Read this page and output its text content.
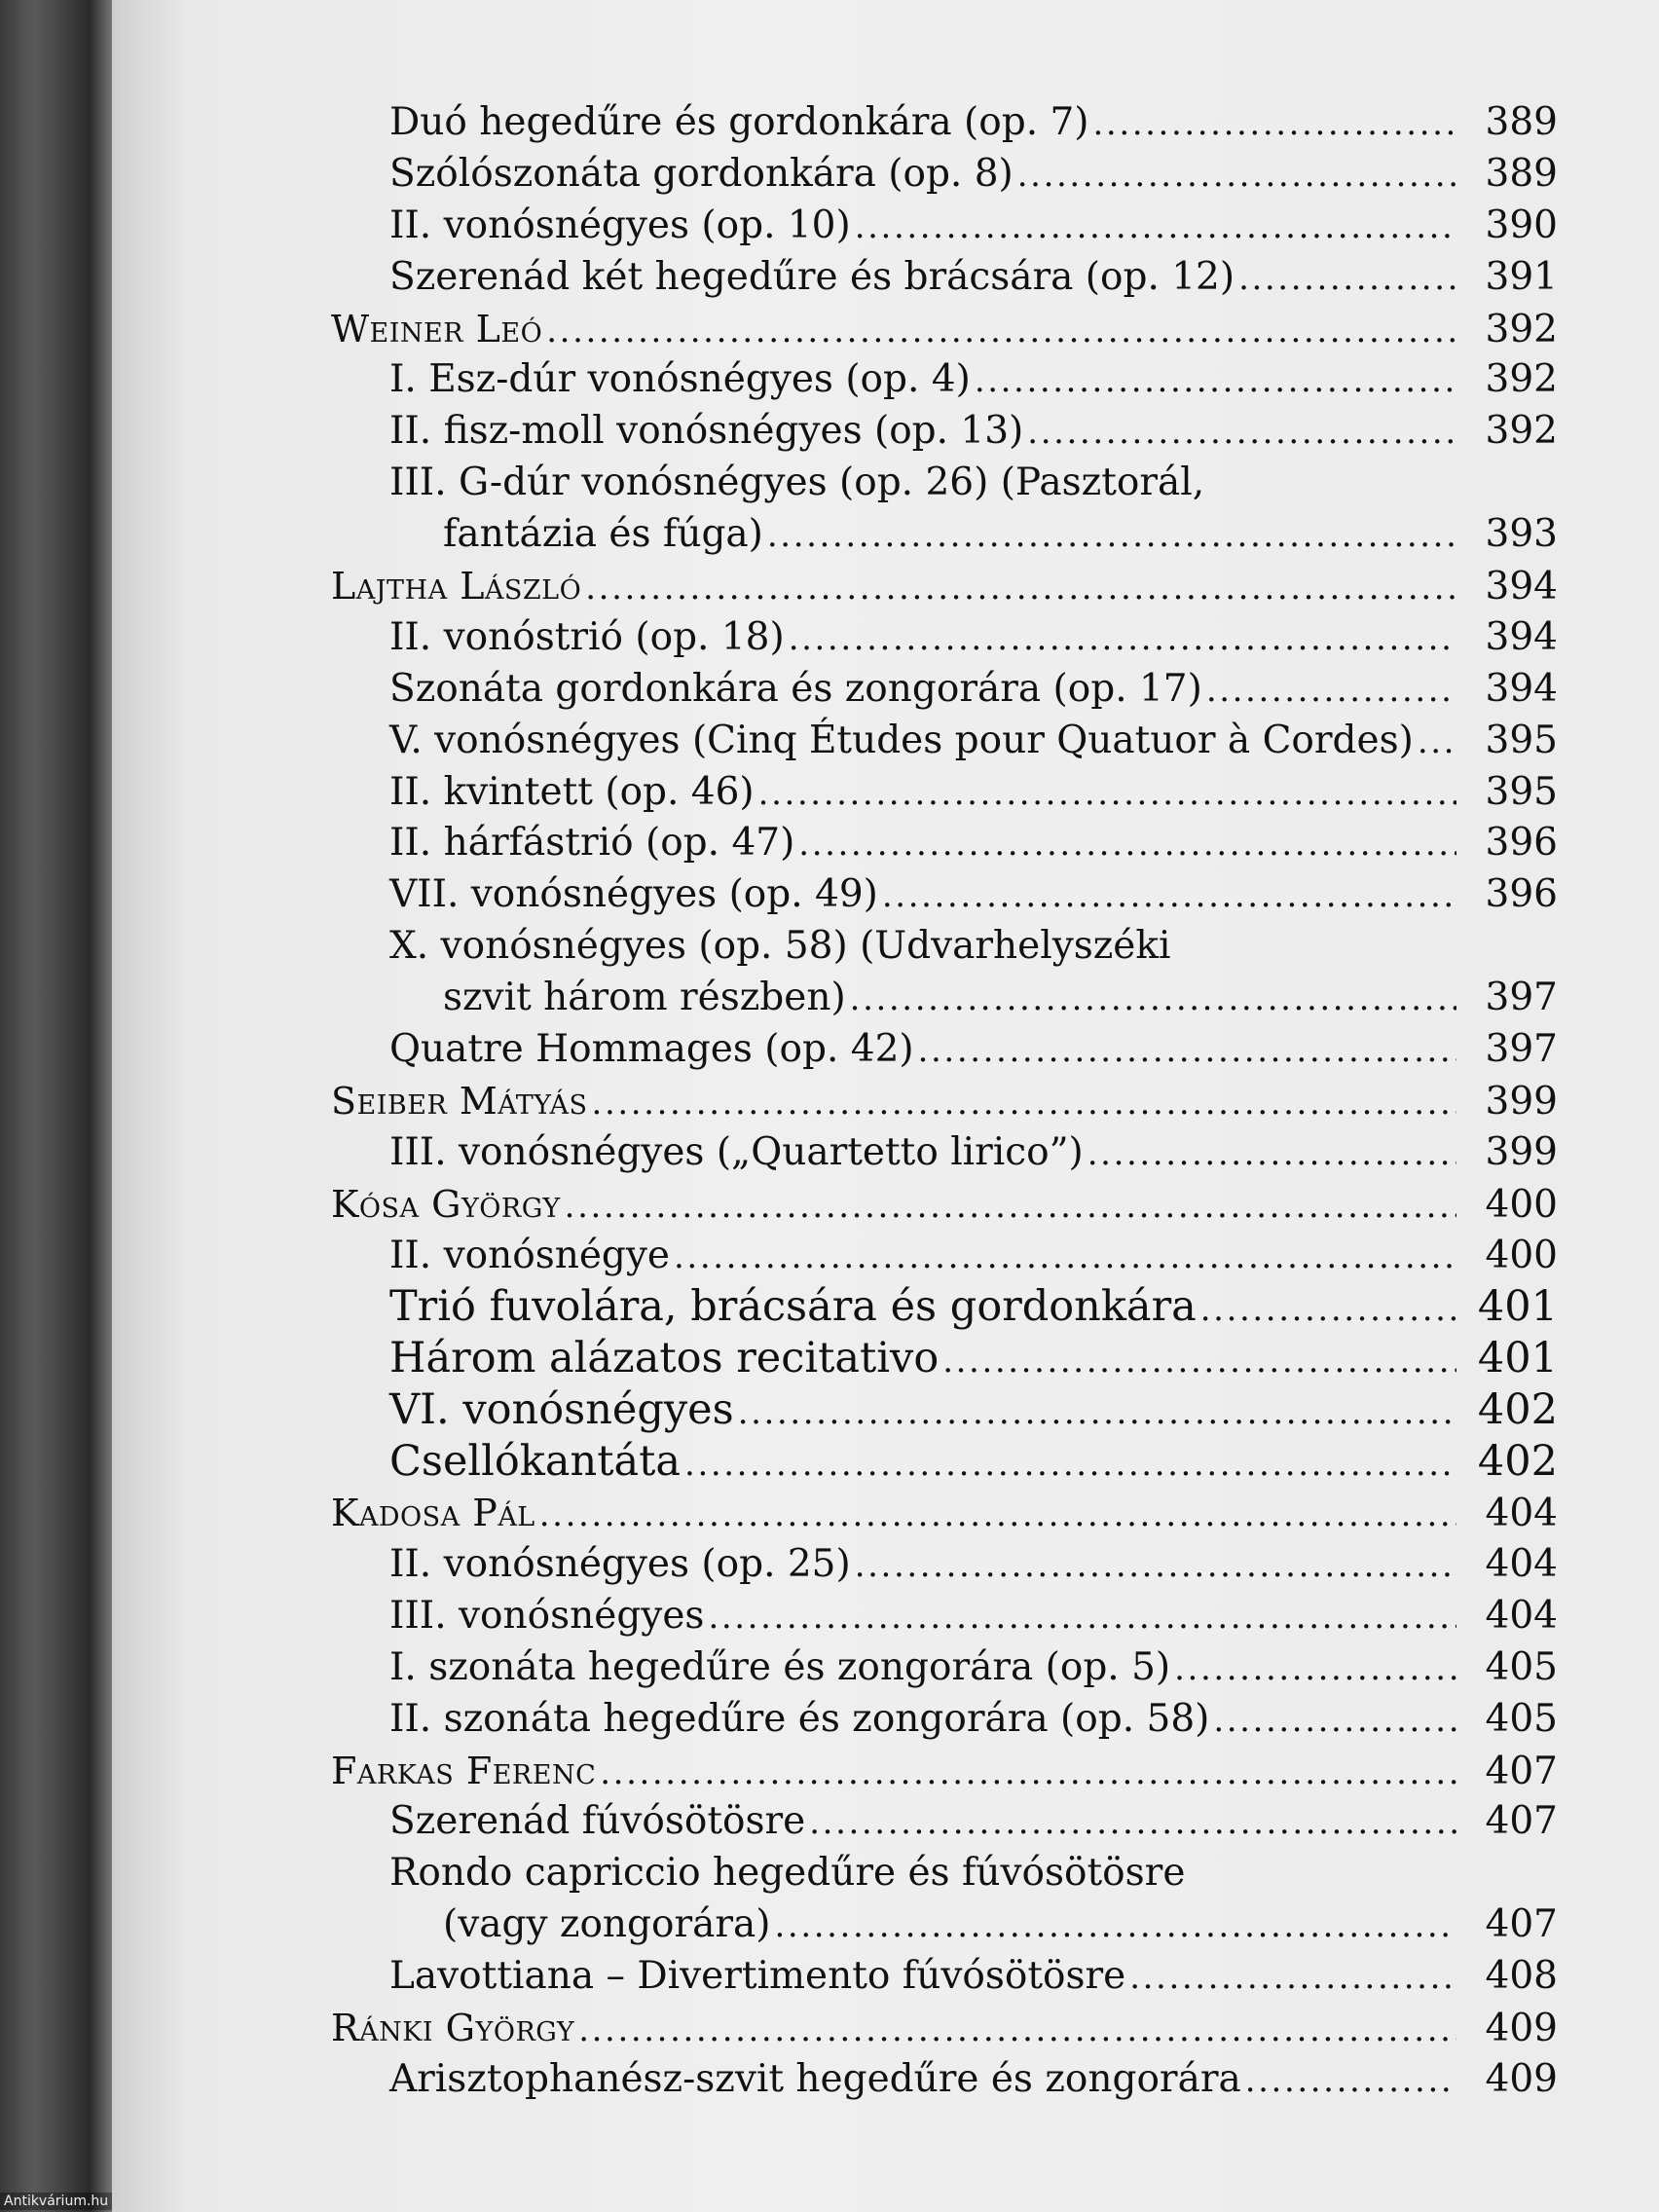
Duó hegedűre és gordonkára (op. 7) .....	389
Szólószonáta gordonkára (op. 8) .....	389
II. vonósnégyes (op. 10) .....	390
Szerenád két hegedűre és brácsára (op. 12) .....	391
Weiner Leó .....	392
I. Esz-dúr vonósnégyes (op. 4) .....	392
II. fisz-moll vonósnégyes (op. 13) .....	392
III. G-dúr vonósnégyes (op. 26) (Pasztorál,
fantázia és fúga) .....	393
Lajtha László .....	394
II. vonóstrió (op. 18) .....	394
Szonáta gordonkára és zongorára (op. 17) .....	394
V. vonósnégyes (Cinq Études pour Quatuor à Cordes) .....	395
II. kvintett (op. 46) .....	395
II. hárfástrió (op. 47) .....	396
VII. vonósnégyes (op. 49) .....	396
X. vonósnégyes (op. 58) (Udvarhelyszéki
szvit három részben) .....	397
Quatre Hommages (op. 42) .....	397
Seiber Mátyás .....	399
III. vonósnégyes („Quartetto lirico”) .....	399
Kósa György .....	400
II. vonósnégye .....	400
Trió fuvolára, brácsára és gordonkára .....	401
Három alázatos recitativo .....	401
VI. vonósnégyes .....	402
Csellókantáta .....	402
Kadosa Pál .....	404
II. vonósnégyes (op. 25) .....	404
III. vonósnégyes .....	404
I. szonáta hegedűre és zongorára (op. 5) .....	405
II. szonáta hegedűre és zongorára (op. 58) .....	405
Farkas Ferenc .....	407
Szerenád fúvósötösre .....	407
Rondo capriccio hegedűre és fúvósötösre
(vagy zongorára) .....	407
Lavottiana – Divertimento fúvósötösre .....	408
Ránki György .....	409
Arisztophanész-szvit hegedűre és zongorára .....	409
Antikvárium.hu
